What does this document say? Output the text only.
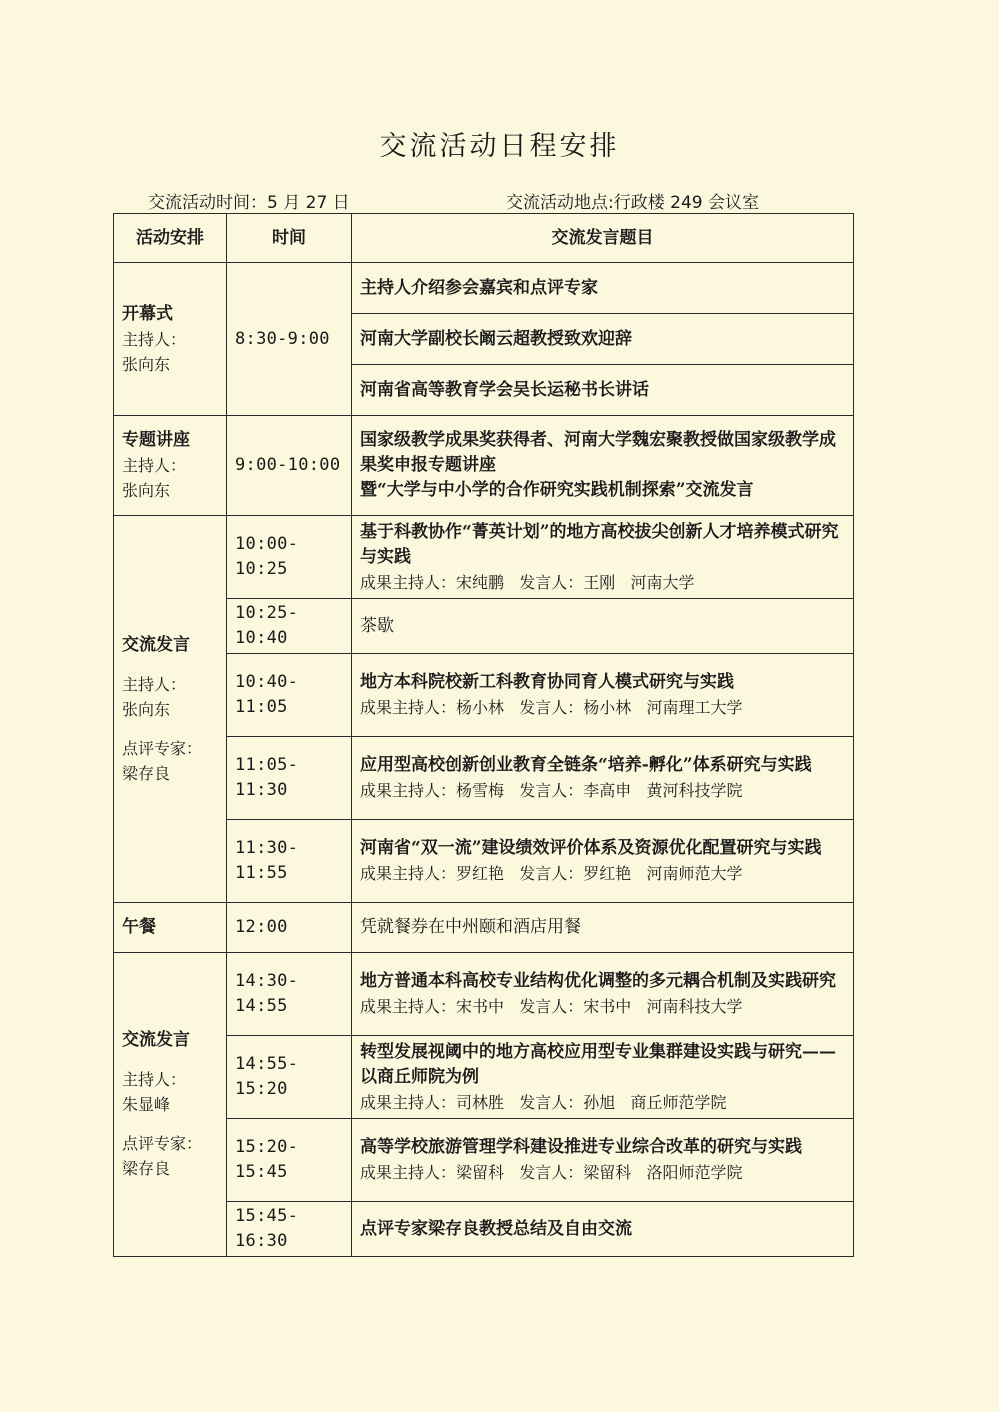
交流活动日程安排
交流活动时间：5 月 27 日	交流活动地点:行政楼 249 会议室
活动安排	时间	交流发言题目

开幕式
主持人：
张向东	8:30-9:00	主持人介绍参会嘉宾和点评专家

		河南大学副校长阚云超教授致欢迎辞

		河南省高等教育学会吴长运秘书长讲话

专题讲座
主持人：
张向东	9:00-10:00	国家级教学成果奖获得者、河南大学魏宏聚教授做国家级教学成果奖申报专题讲座
暨“大学与中小学的合作研究实践机制探索”交流发言

交流发言
主持人：
张向东
点评专家：
梁存良	10:00-10:25	基于科教协作“菁英计划”的地方高校拔尖创新人才培养模式研究与实践
成果主持人：宋纯鹏   发言人：王刚   河南大学

	10:25-10:40	茶歇

	10:40-11:05	地方本科院校新工科教育协同育人模式研究与实践
成果主持人：杨小林   发言人：杨小林   河南理工大学

	11:05-11:30	应用型高校创新创业教育全链条“培养-孵化”体系研究与实践
成果主持人：杨雪梅   发言人：李高申   黄河科技学院

	11:30-11:55	河南省“双一流”建设绩效评价体系及资源优化配置研究与实践
成果主持人：罗红艳   发言人：罗红艳   河南师范大学

午餐	12:00	凭就餐券在中州颐和酒店用餐

交流发言
主持人：
朱显峰
点评专家：
梁存良	14:30-14:55	地方普通本科高校专业结构优化调整的多元耦合机制及实践研究
成果主持人：宋书中   发言人：宋书中   河南科技大学

	14:55-15:20	转型发展视阈中的地方高校应用型专业集群建设实践与研究——以商丘师院为例
成果主持人：司林胜   发言人：孙旭   商丘师范学院

	15:20-15:45	高等学校旅游管理学科建设推进专业综合改革的研究与实践
成果主持人：梁留科   发言人：梁留科   洛阳师范学院

	15:45-16:30	点评专家梁存良教授总结及自由交流
